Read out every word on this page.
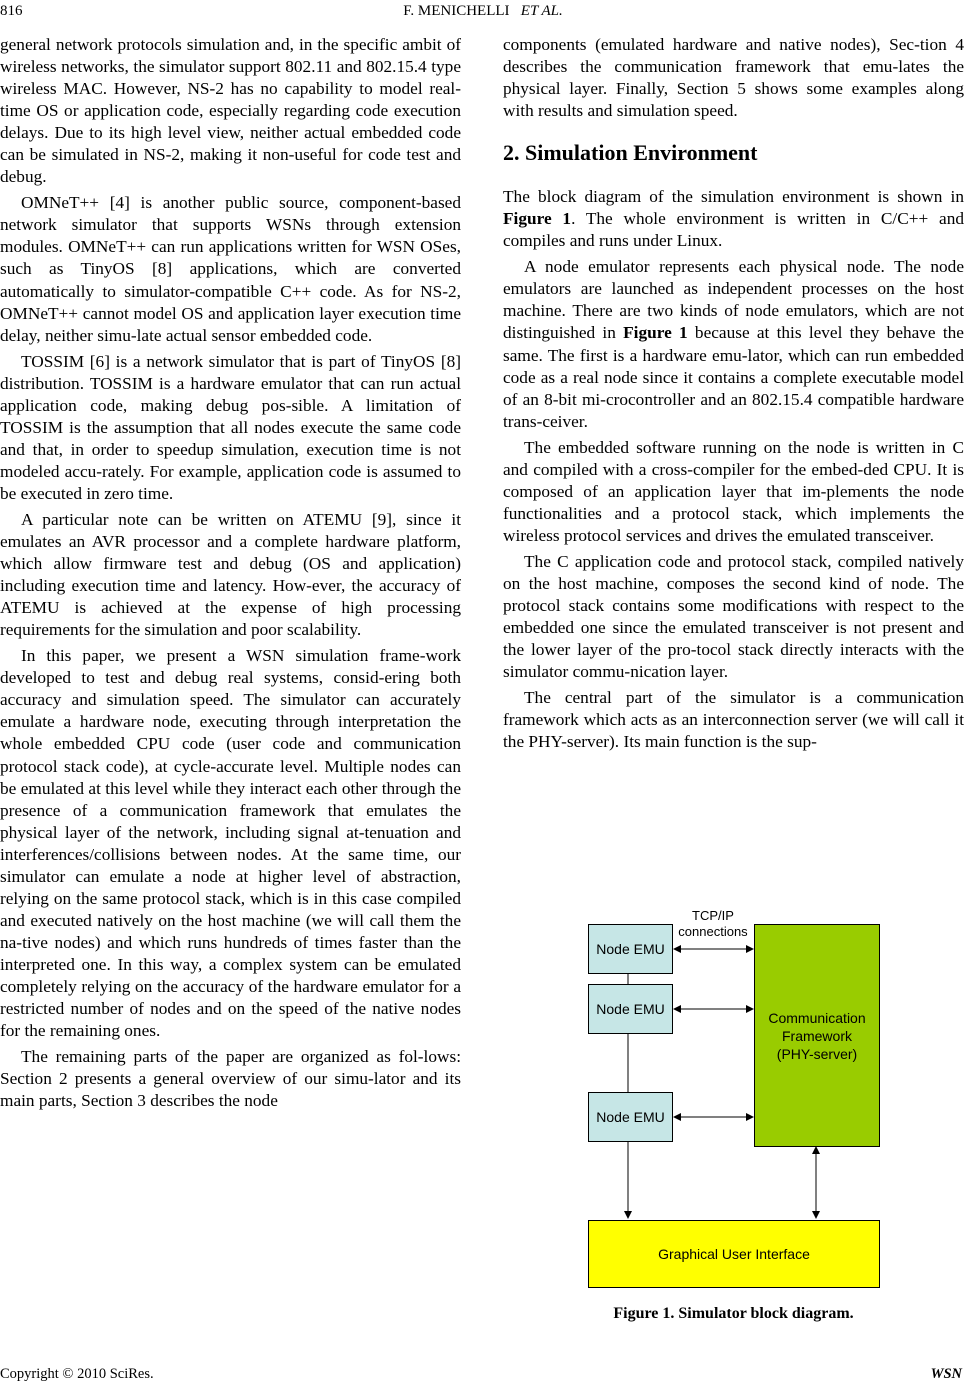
816	F. MENICHELLI ET AL.

general network protocols simulation and, in the specific ambit of wireless networks, the simulator support 802.11 and 802.15.4 type wireless MAC. However, NS-2 has no capability to model real-time OS or application code, especially regarding code execution delays. Due to its high level view, neither actual embedded code can be simulated in NS-2, making it non-useful for code test and debug.

OMNeT++ [4] is another public source, component-based network simulator that supports WSNs through extension modules. OMNeT++ can run applications written for WSN OSes, such as TinyOS [8] applications, which are converted automatically to simulator-compatible C++ code. As for NS-2, OMNeT++ cannot model OS and application layer execution time delay, neither simu-late actual sensor embedded code.

TOSSIM [6] is a network simulator that is part of TinyOS [8] distribution. TOSSIM is a hardware emulator that can run actual application code, making debug pos-sible. A limitation of TOSSIM is the assumption that all nodes execute the same code and that, in order to speedup simulation, execution time is not modeled accu-rately. For example, application code is assumed to be executed in zero time.

A particular note can be written on ATEMU [9], since it emulates an AVR processor and a complete hardware platform, which allow firmware test and debug (OS and application) including execution time and latency. How-ever, the accuracy of ATEMU is achieved at the expense of high processing requirements for the simulation and poor scalability.

In this paper, we present a WSN simulation frame-work developed to test and debug real systems, consid-ering both accuracy and simulation speed. The simulator can accurately emulate a hardware node, executing through interpretation the whole embedded CPU code (user code and communication protocol stack code), at cycle-accurate level. Multiple nodes can be emulated at this level while they interact each other through the presence of a communication framework that emulates the physical layer of the network, including signal at-tenuation and interferences/collisions between nodes. At the same time, our simulator can emulate a node at higher level of abstraction, relying on the same protocol stack, which is in this case compiled and executed natively on the host machine (we will call them the na-tive nodes) and which runs hundreds of times faster than the interpreted one. In this way, a complex system can be emulated completely relying on the accuracy of the hardware emulator for a restricted number of nodes and on the speed of the native nodes for the remaining ones.

The remaining parts of the paper are organized as fol-lows: Section 2 presents a general overview of our simu-lator and its main parts, Section 3 describes the node

components (emulated hardware and native nodes), Sec-tion 4 describes the communication framework that emu-lates the physical layer. Finally, Section 5 shows some examples along with results and simulation speed.

2. Simulation Environment

The block diagram of the simulation environment is shown in Figure 1. The whole environment is written in C/C++ and compiles and runs under Linux.

A node emulator represents each physical node. The node emulators are launched as independent processes on the host machine. There are two kinds of node emulators, which are not distinguished in Figure 1 because at this level they behave the same. The first is a hardware emu-lator, which can run embedded code as a real node since it contains a complete executable model of an 8-bit mi-crocontroller and an 802.15.4 compatible hardware trans-ceiver.

The embedded software running on the node is written in C and compiled with a cross-compiler for the embed-ded CPU. It is composed of an application layer that im-plements the node functionalities and a protocol stack, which implements the wireless protocol services and drives the emulated transceiver.

The C application code and protocol stack, compiled natively on the host machine, composes the second kind of node. The protocol stack contains some modifications with respect to the embedded one since the emulated transceiver is not present and the lower layer of the pro-tocol stack directly interacts with the simulator commu-nication layer.

The central part of the simulator is a communication framework which acts as an interconnection server (we will call it the PHY-server). Its main function is the sup-

TCP/IP
connections
Node EMU
Node EMU
Node EMU
Communication
Framework
(PHY-server)
Graphical User Interface
Figure 1. Simulator block diagram.
Copyright © 2010 SciRes.	WSN
